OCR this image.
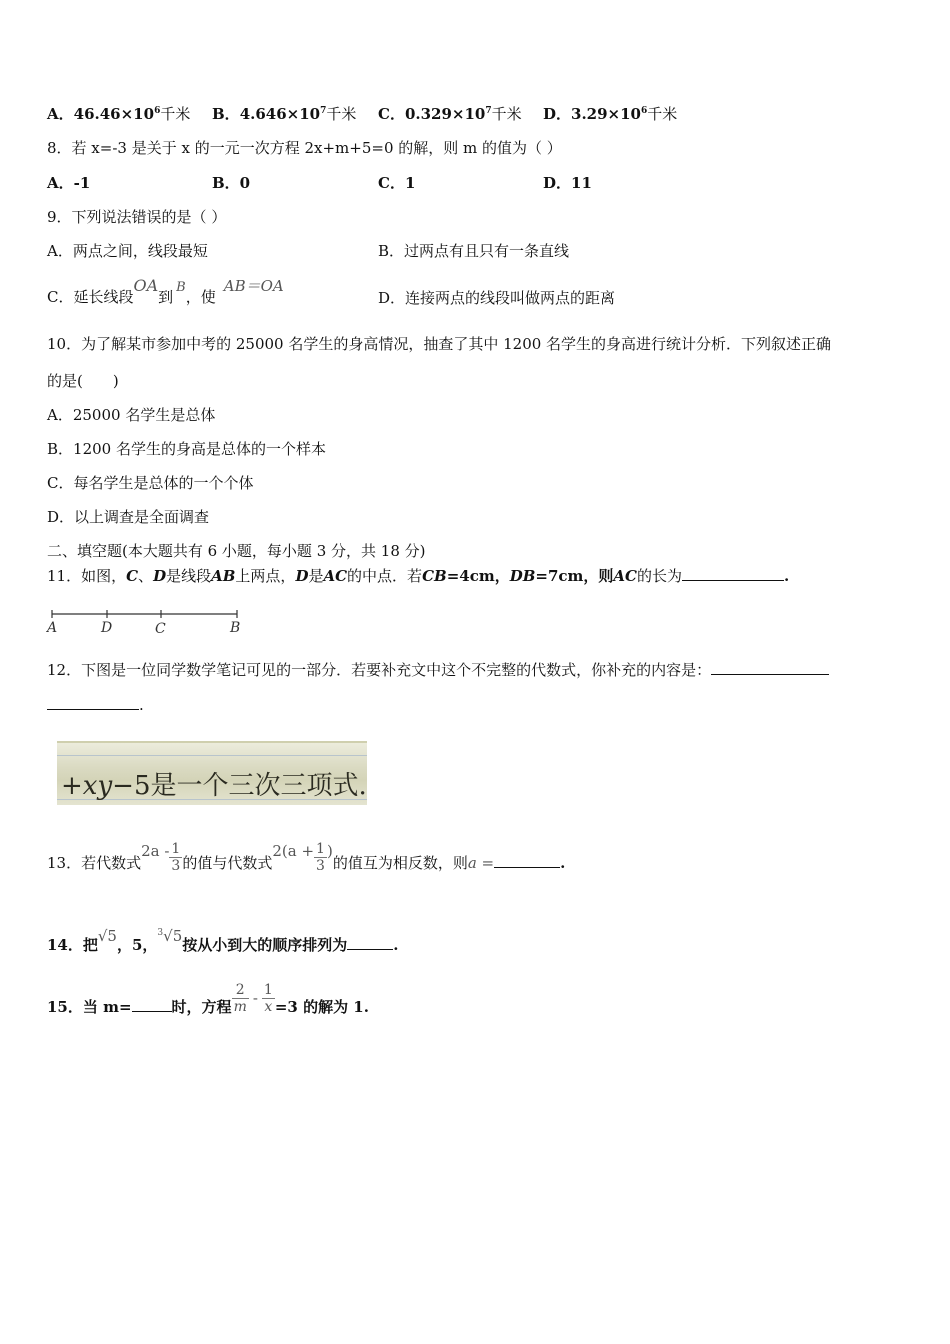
A．$46.46\times 10^6$千米 B．$4.646\times 10^7$千米 C．$0.329\times 10^7$千米 D．$3.29\times 10^6$千米
8．若 x=-3 是关于 x 的一元一次方程 2x+m+5=0 的解，则 m 的值为（ ）
A．-1	B．0	C．1	D．11
9．下列说法错误的是（ ）
A．两点之间，线段最短	B．过两点有且只有一条直线
C．延长线段OA到B，使AB＝OA
D．连接两点的线段叫做两点的距离
10．为了解某市参加中考的 25000 名学生的身高情况，抽查了其中 1200 名学生的身高进行统计分析．下列叙述正确
的是(　　)
A．25000 名学生是总体
B．1200 名学生的身高是总体的一个样本
C．每名学生是总体的一个个体
D．以上调查是全面调查
二、填空题(本大题共有 6 小题，每小题 3 分，共 18 分)
11．如图，C、D是线段AB上两点，D是AC的中点．若CB=4cm，DB=7cm，则AC的长为	.
A	D	C	B
12．下图是一位同学数学笔记可见的一部分．若要补充文中这个不完整的代数式，你补充的内容是：
.
+xy−5是一个三次三项式.
13．若代数式$2a - \frac{1}{3}$ 的值与代数式$2(a + \frac{1}{3}$ )的值互为相反数，则a =	.
14．把√5，5，$^3$√5按从小到大的顺序排列为	.
15．当 m=	时，方程 $\frac{2}{m} - \frac{1}{x} =3$ 的解为 1.
